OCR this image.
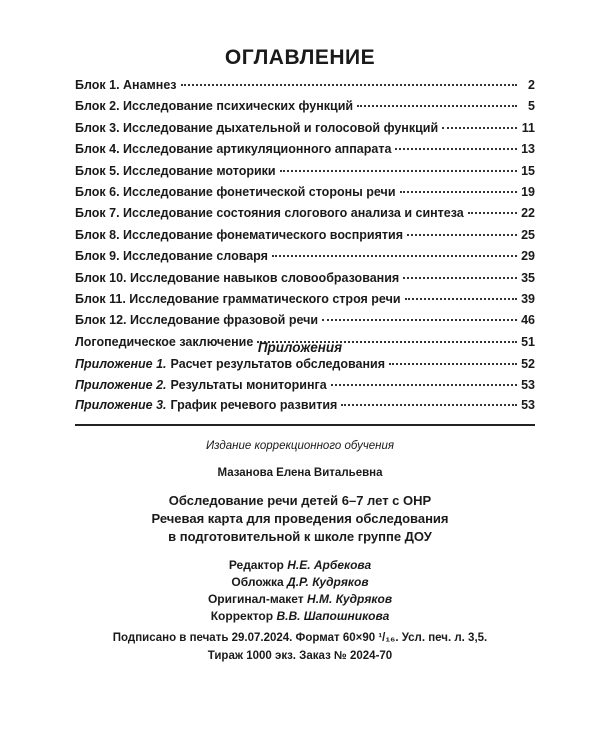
ОГЛАВЛЕНИЕ
Блок 1. Анамнез	2
Блок 2. Исследование психических функций	5
Блок 3. Исследование дыхательной и голосовой функций	11
Блок 4. Исследование артикуляционного аппарата	13
Блок 5. Исследование моторики	15
Блок 6. Исследование фонетической стороны речи	19
Блок 7. Исследование состояния слогового анализа и синтеза	22
Блок 8. Исследование фонематического восприятия	25
Блок 9. Исследование словаря	29
Блок 10. Исследование навыков словообразования	35
Блок 11. Исследование грамматического строя речи	39
Блок 12. Исследование фразовой речи	46
Логопедическое заключение	51
Приложения
Приложение 1. Расчет результатов обследования	52
Приложение 2. Результаты мониторинга	53
Приложение 3. График речевого развития	53
Издание коррекционного обучения
Мазанова Елена Витальевна
Обследование речи детей 6–7 лет с ОНР
Речевая карта для проведения обследования
в подготовительной к школе группе ДОУ
Редактор Н.Е. Арбекова
Обложка Д.Р. Кудряков
Оригинал-макет Н.М. Кудряков
Корректор В.В. Шапошникова
Подписано в печать 29.07.2024. Формат 60×90 ¹/₁₆. Усл. печ. л. 3,5.
Тираж 1000 экз. Заказ № 2024-70
